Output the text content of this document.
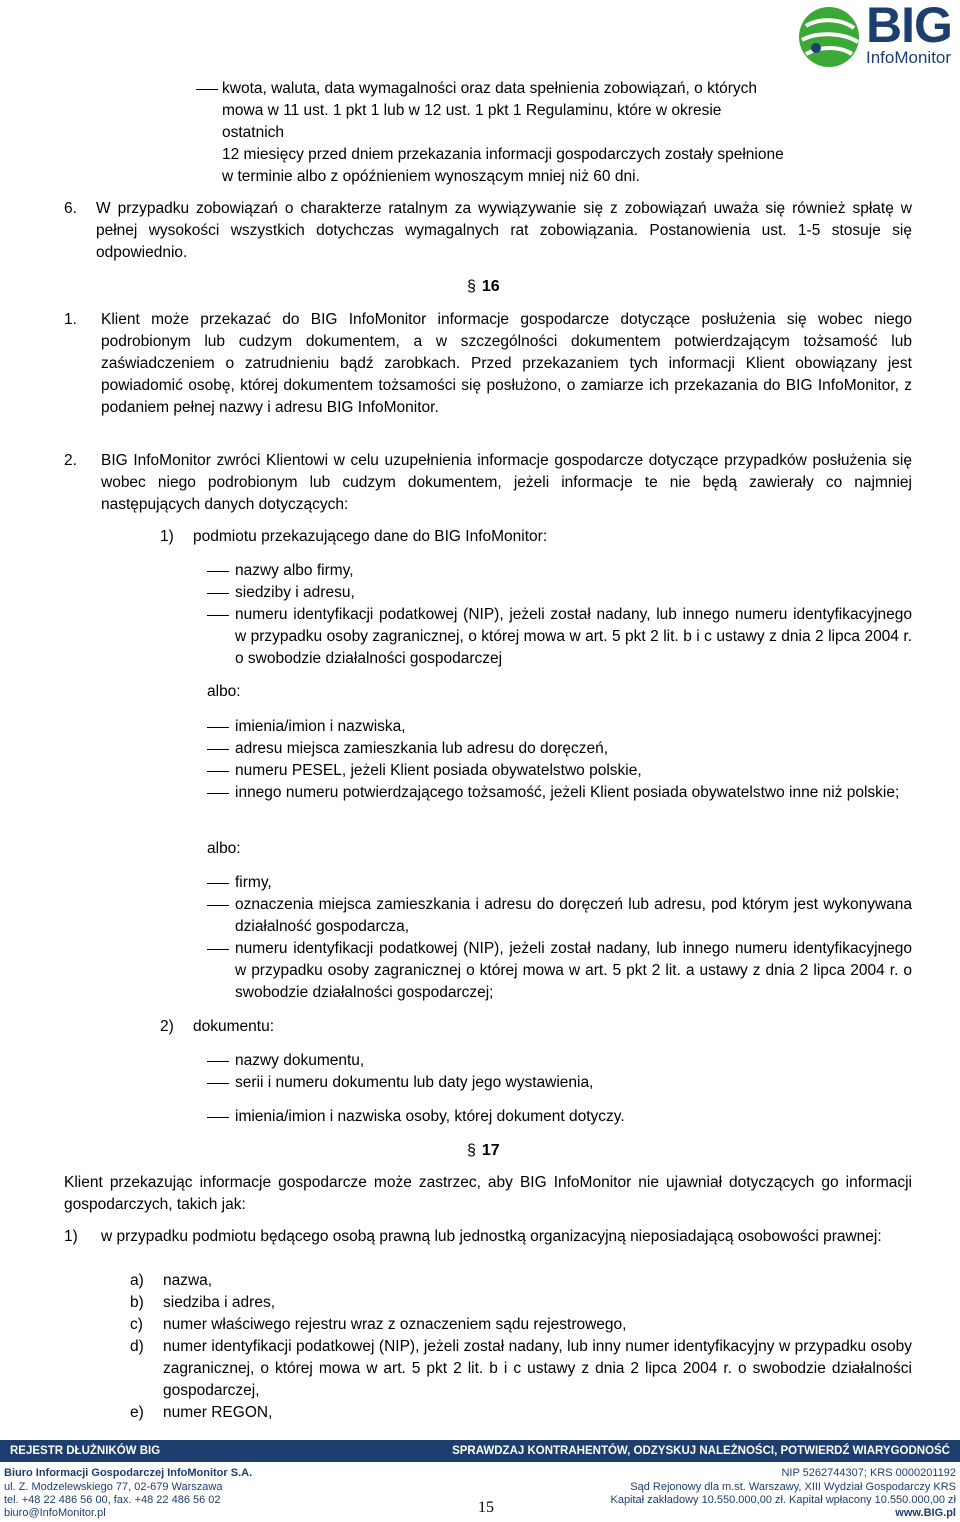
BIG
InfoMonitor
kwota, waluta, data wymagalności oraz data spełnienia zobowiązań, o których
mowa w 11 ust. 1 pkt 1 lub w 12 ust. 1 pkt 1 Regulaminu, które w okresie
ostatnich
12 miesięcy przed dniem przekazania informacji gospodarczych zostały spełnione
w terminie albo z opóźnieniem wynoszącym mniej niż 60 dni.
6. W przypadku zobowiązań o charakterze ratalnym za wywiązywanie się z zobowiązań uważa się również spłatę w pełnej wysokości wszystkich dotychczas wymagalnych rat zobowiązania. Postanowienia ust. 1-5 stosuje się odpowiednio.
§ 16
1. Klient może przekazać do BIG InfoMonitor informacje gospodarcze dotyczące posłużenia się wobec niego podrobionym lub cudzym dokumentem, a w szczególności dokumentem potwierdzającym tożsamość lub zaświadczeniem o zatrudnieniu bądź zarobkach. Przed przekazaniem tych informacji Klient obowiązany jest powiadomić osobę, której dokumentem tożsamości się posłużono, o zamiarze ich przekazania do BIG InfoMonitor, z podaniem pełnej nazwy i adresu BIG InfoMonitor.
2. BIG InfoMonitor zwróci Klientowi w celu uzupełnienia informacje gospodarcze dotyczące przypadków posłużenia się wobec niego podrobionym lub cudzym dokumentem, jeżeli informacje te nie będą zawierały co najmniej następujących danych dotyczących:
1) podmiotu przekazującego dane do BIG InfoMonitor:
nazwy albo firmy,
siedziby i adresu,
numeru identyfikacji podatkowej (NIP), jeżeli został nadany, lub innego numeru identyfikacyjnego w przypadku osoby zagranicznej, o której mowa w art. 5 pkt 2 lit. b i c ustawy z dnia 2 lipca 2004 r. o swobodzie działalności gospodarczej
albo:
imienia/imion i nazwiska,
adresu miejsca zamieszkania lub adresu do doręczeń,
numeru PESEL, jeżeli Klient posiada obywatelstwo polskie,
innego numeru potwierdzającego tożsamość, jeżeli Klient posiada obywatelstwo inne niż polskie;
albo:
firmy,
oznaczenia miejsca zamieszkania i adresu do doręczeń lub adresu, pod którym jest wykonywana działalność gospodarcza,
numeru identyfikacji podatkowej (NIP), jeżeli został nadany, lub innego numeru identyfikacyjnego w przypadku osoby zagranicznej o której mowa w art. 5 pkt 2 lit. a ustawy z dnia 2 lipca 2004 r. o swobodzie działalności gospodarczej;
2) dokumentu:
nazwy dokumentu,
serii i numeru dokumentu lub daty jego wystawienia,
imienia/imion i nazwiska osoby, której dokument dotyczy.
§ 17
Klient przekazując informacje gospodarcze może zastrzec, aby BIG InfoMonitor nie ujawniał dotyczących go informacji gospodarczych, takich jak:
1) w przypadku podmiotu będącego osobą prawną lub jednostką organizacyjną nieposiadającą osobowości prawnej:
a) nazwa,
b) siedziba i adres,
c) numer właściwego rejestru wraz z oznaczeniem sądu rejestrowego,
d) numer identyfikacji podatkowej (NIP), jeżeli został nadany, lub inny numer identyfikacyjny w przypadku osoby zagranicznej, o której mowa w art. 5 pkt 2 lit. b i c ustawy z dnia 2 lipca 2004 r. o swobodzie działalności gospodarczej,
e) numer REGON,
REJESTR DŁUŻNIKÓW BIG	SPRAWDZAJ KONTRAHENTÓW, ODZYSKUJ NALEŻNOŚCI, POTWIERDŹ WIARYGODNOŚĆ
Biuro Informacji Gospodarczej InfoMonitor S.A.
ul. Z. Modzelewskiego 77, 02-679 Warszawa
tel. +48 22 486 56 00, fax. +48 22 486 56 02
biuro@InfoMonitor.pl
NIP 5262744307; KRS 0000201192
Sąd Rejonowy dla m.st. Warszawy, XIII Wydział Gospodarczy KRS
Kapitał zakładowy 10.550.000,00 zł. Kapitał wpłacony 10.550.000,00 zł
www.BIG.pl
15
